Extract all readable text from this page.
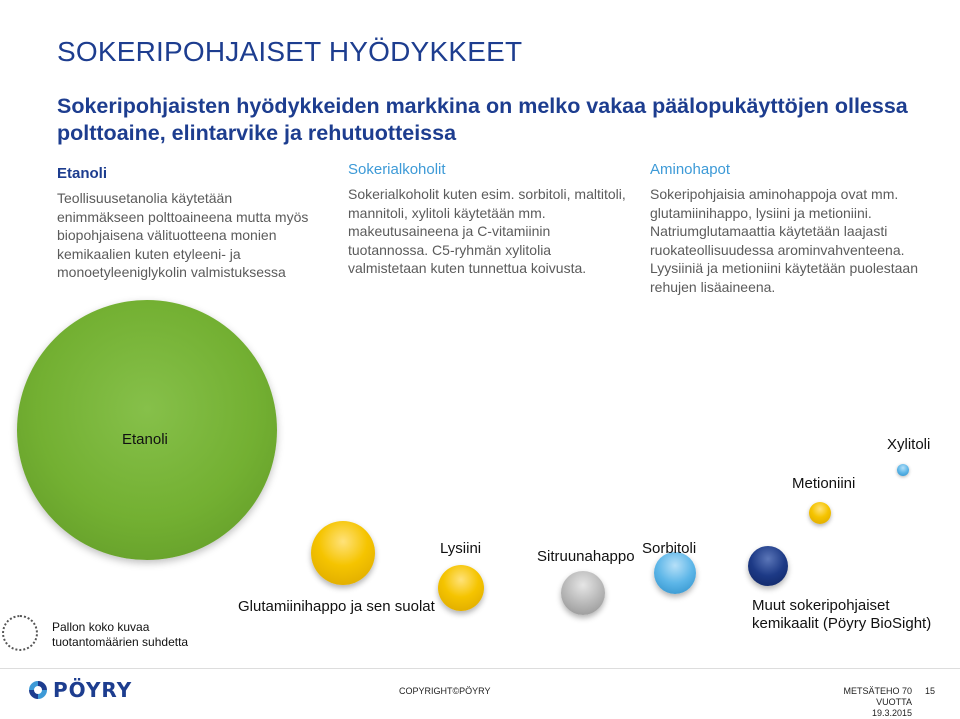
SOKERIPOHJAISET HYÖDYKKEET
Sokeripohjaisten hyödykkeiden markkina on melko vakaa päälopukäyttöjen ollessa polttoaine, elintarvike ja rehutuotteissa
Etanoli
Teollisuusetanolia käytetään enimmäkseen polttoaineena mutta myös biopohjaisena välituotteena monien kemikaalien kuten etyleeni- ja monoetyleeniglykolin valmistuksessa
Sokerialkoholit
Sokerialkoholit kuten esim. sorbitoli, maltitoli, mannitoli, xylitoli käytetään mm. makeutusaineena ja C-vitamiinin tuotannossa. C5-ryhmän xylitolia valmistetaan kuten tunnettua koivusta.
Aminohapot
Sokeripohjaisia aminohappoja ovat mm. glutamiinihappo, lysiini ja metioniini. Natriumglutamaattia käytetään laajasti ruokateollisuudessa arominvahventeena. Lyysiiniä ja metioniini käytetään puolestaan rehujen lisäaineena.
Etanoli	Xylitoli
Metioniini
Lysiini	Sitruunahappo Sorbitoli
Glutamiinihappo ja sen suolat	Muut sokeripohjaiset kemikaalit (Pöyry BioSight)
Pallon koko kuvaa tuotantomäärien suhdetta
PÖYRY	COPYRIGHT©PÖYRY	METSÄTEHO 70 VUOTTA
19.3.2015
15
